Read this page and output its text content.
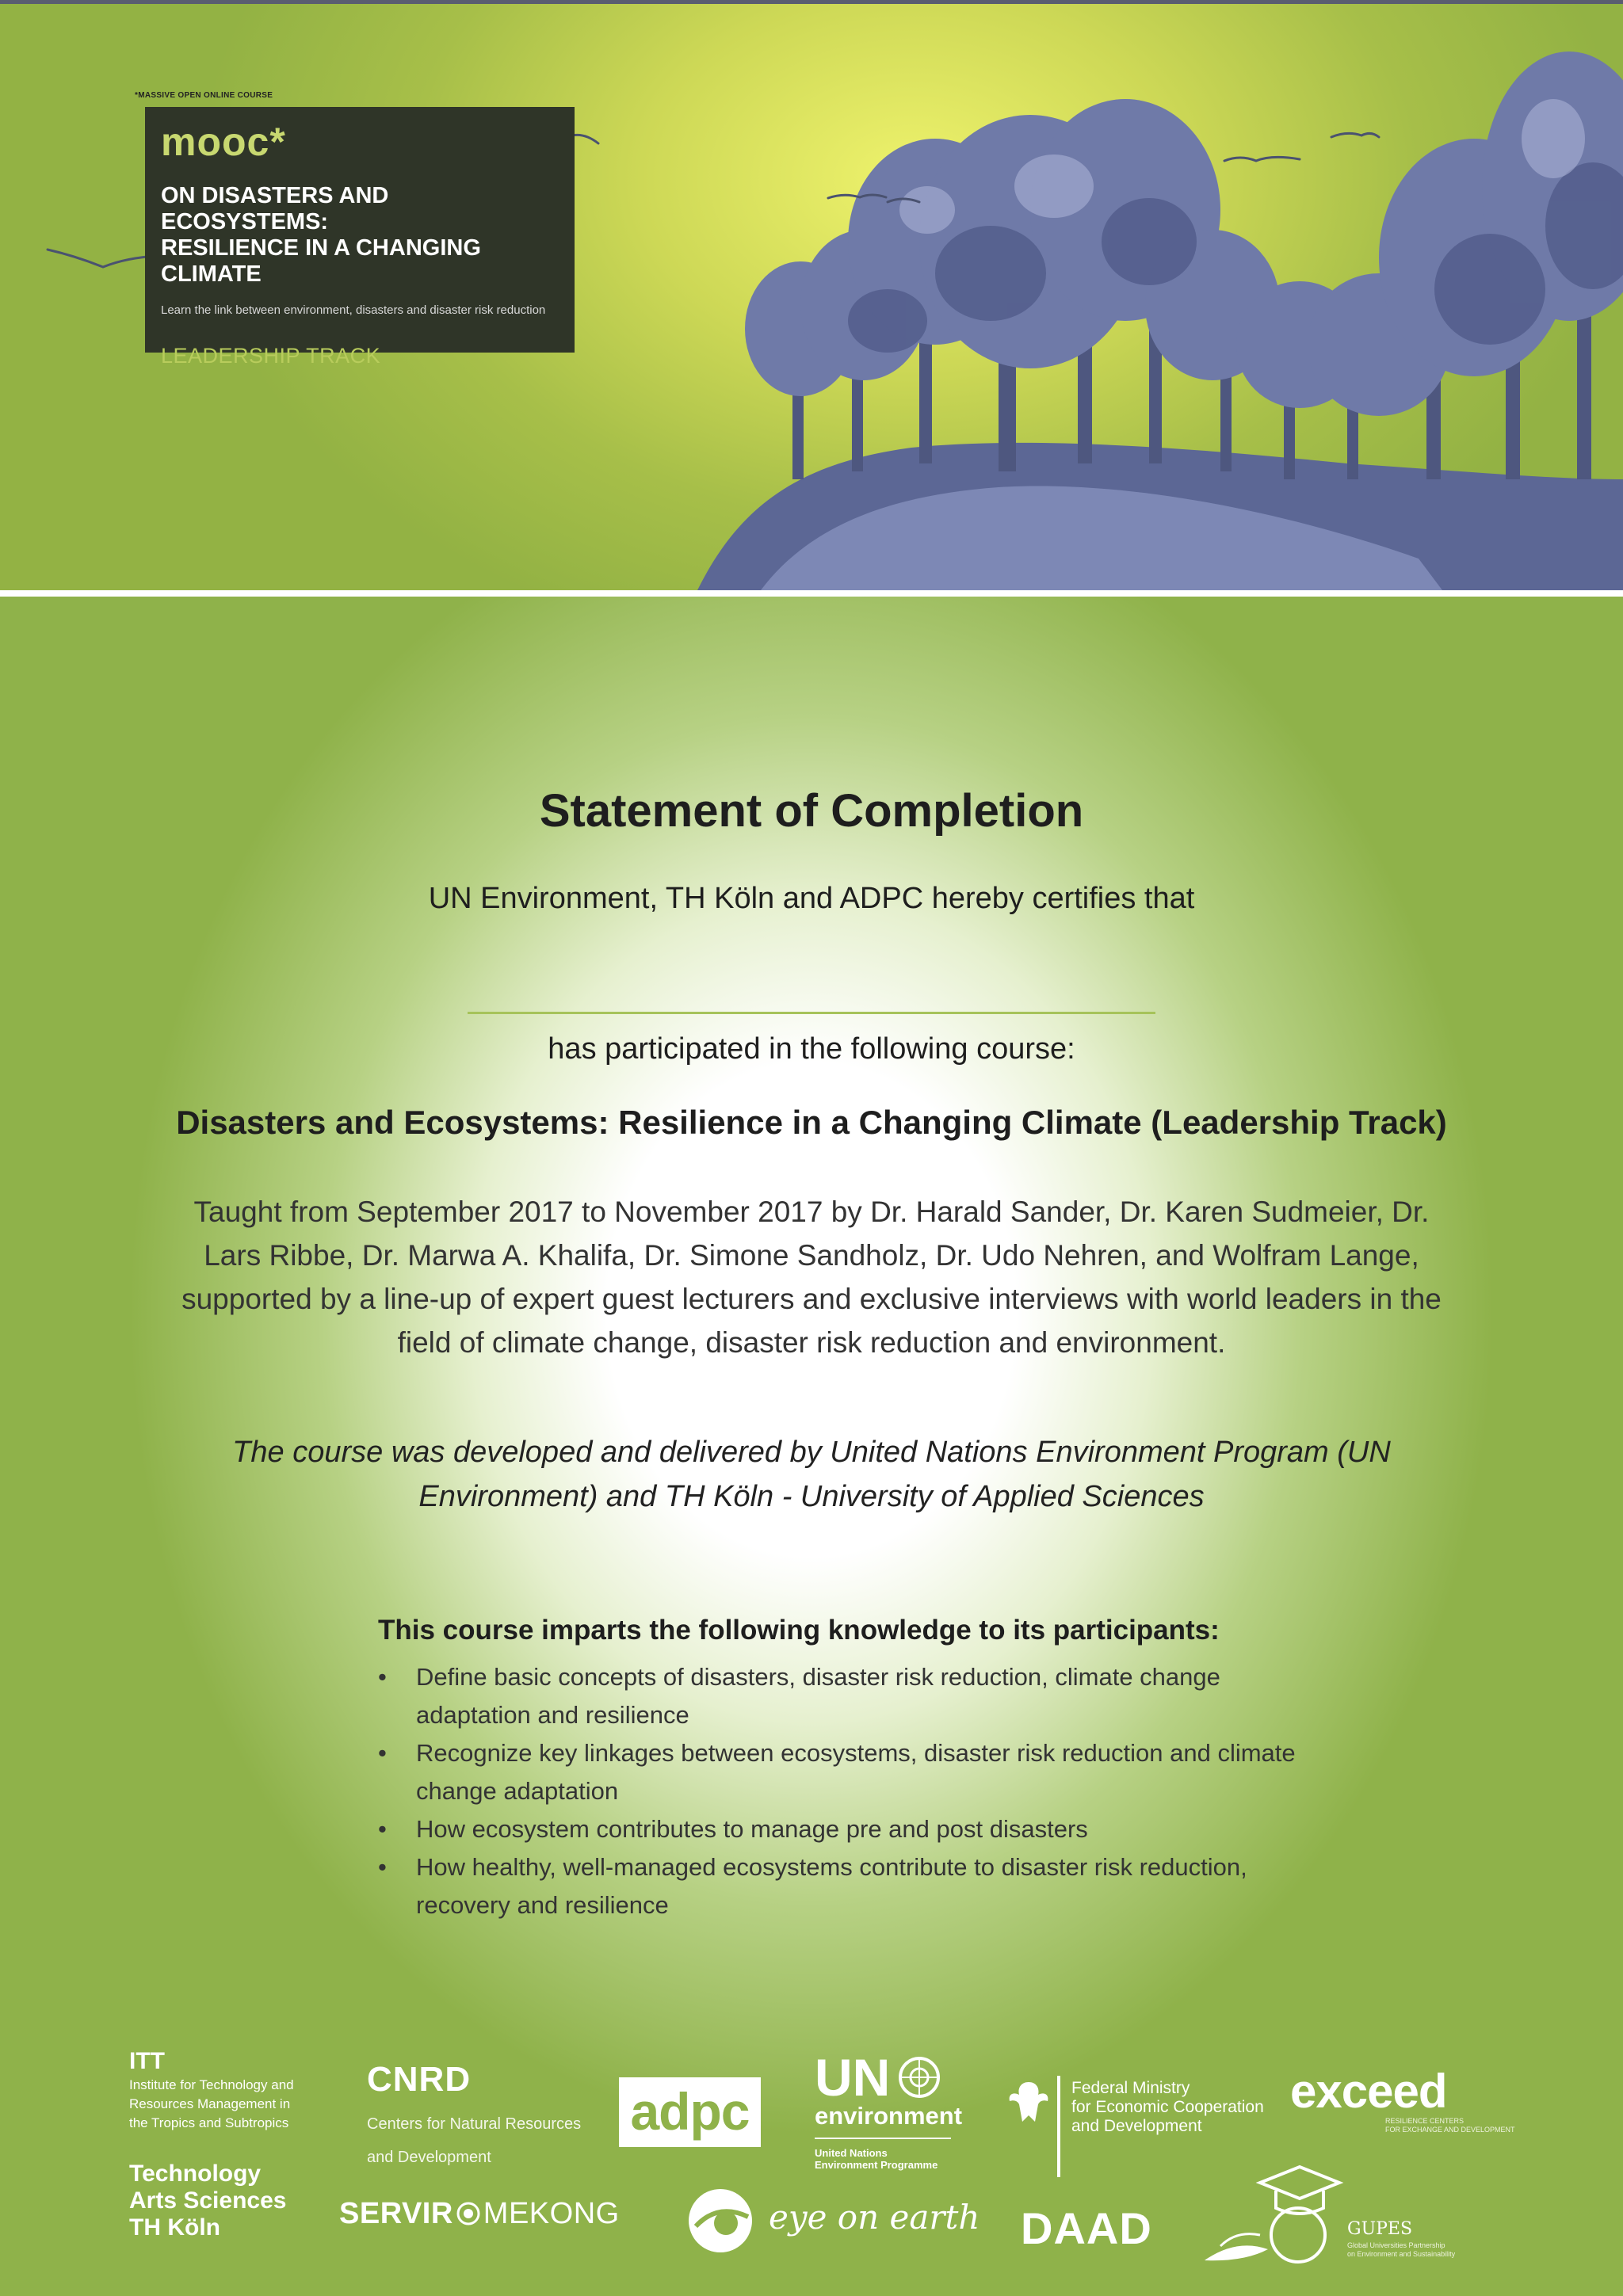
*MASSIVE OPEN ONLINE COURSE
mooc*
ON DISASTERS AND ECOSYSTEMS:
RESILIENCE IN A CHANGING CLIMATE
Learn the link between environment, disasters and disaster risk reduction
LEADERSHIP TRACK
Statement of Completion
UN Environment, TH Köln and ADPC hereby certifies that
has participated in the following course:
Disasters and Ecosystems: Resilience in a Changing Climate (Leadership Track)
Taught from September 2017 to November 2017 by Dr. Harald Sander, Dr. Karen Sudmeier, Dr. Lars Ribbe, Dr. Marwa A. Khalifa, Dr. Simone Sandholz, Dr. Udo Nehren, and Wolfram Lange, supported by a line-up of expert guest lecturers and exclusive interviews with world leaders in the field of climate change, disaster risk reduction and environment.
The course was developed and delivered by United Nations Environment Program (UN Environment) and TH Köln - University of Applied Sciences
This course imparts the following knowledge to its participants:
• Define basic concepts of disasters, disaster risk reduction, climate change adaptation and resilience
• Recognize key linkages between ecosystems, disaster risk reduction and climate change adaptation
• How ecosystem contributes to manage pre and post disasters
• How healthy, well-managed ecosystems contribute to disaster risk reduction, recovery and resilience
ITT
Institute for Technology and
Resources Management in
the Tropics and Subtropics
Technology
Arts Sciences
TH Köln
CNRD
Centers for Natural Resources
and Development
SERVIR MEKONG
adpc
eye on earth
UN
environment
United Nations
Environment Programme
Federal Ministry
for Economic Cooperation
and Development
DAAD
exceed
RESILIENCE CENTERS
FOR EXCHANGE AND DEVELOPMENT
GUPES
Global Universities Partnership
on Environment and Sustainability
